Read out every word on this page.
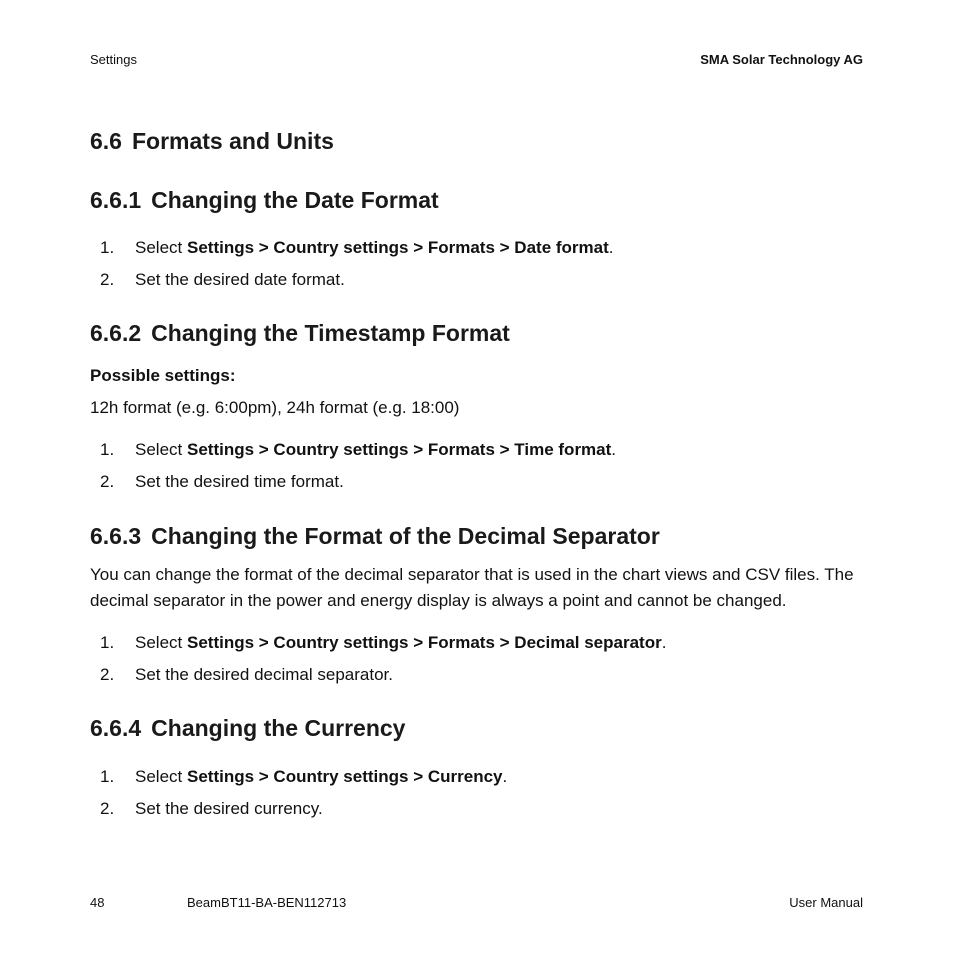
Settings	SMA Solar Technology AG
6.6 Formats and Units
6.6.1 Changing the Date Format
1. Select Settings > Country settings > Formats > Date format.
2. Set the desired date format.
6.6.2 Changing the Timestamp Format
Possible settings:
12h format (e.g. 6:00pm), 24h format (e.g. 18:00)
1. Select Settings > Country settings > Formats > Time format.
2. Set the desired time format.
6.6.3 Changing the Format of the Decimal Separator
You can change the format of the decimal separator that is used in the chart views and CSV files. The
decimal separator in the power and energy display is always a point and cannot be changed.
1. Select Settings > Country settings > Formats > Decimal separator.
2. Set the desired decimal separator.
6.6.4 Changing the Currency
1. Select Settings > Country settings > Currency.
2. Set the desired currency.
48	BeamBT11-BA-BEN112713	User Manual
